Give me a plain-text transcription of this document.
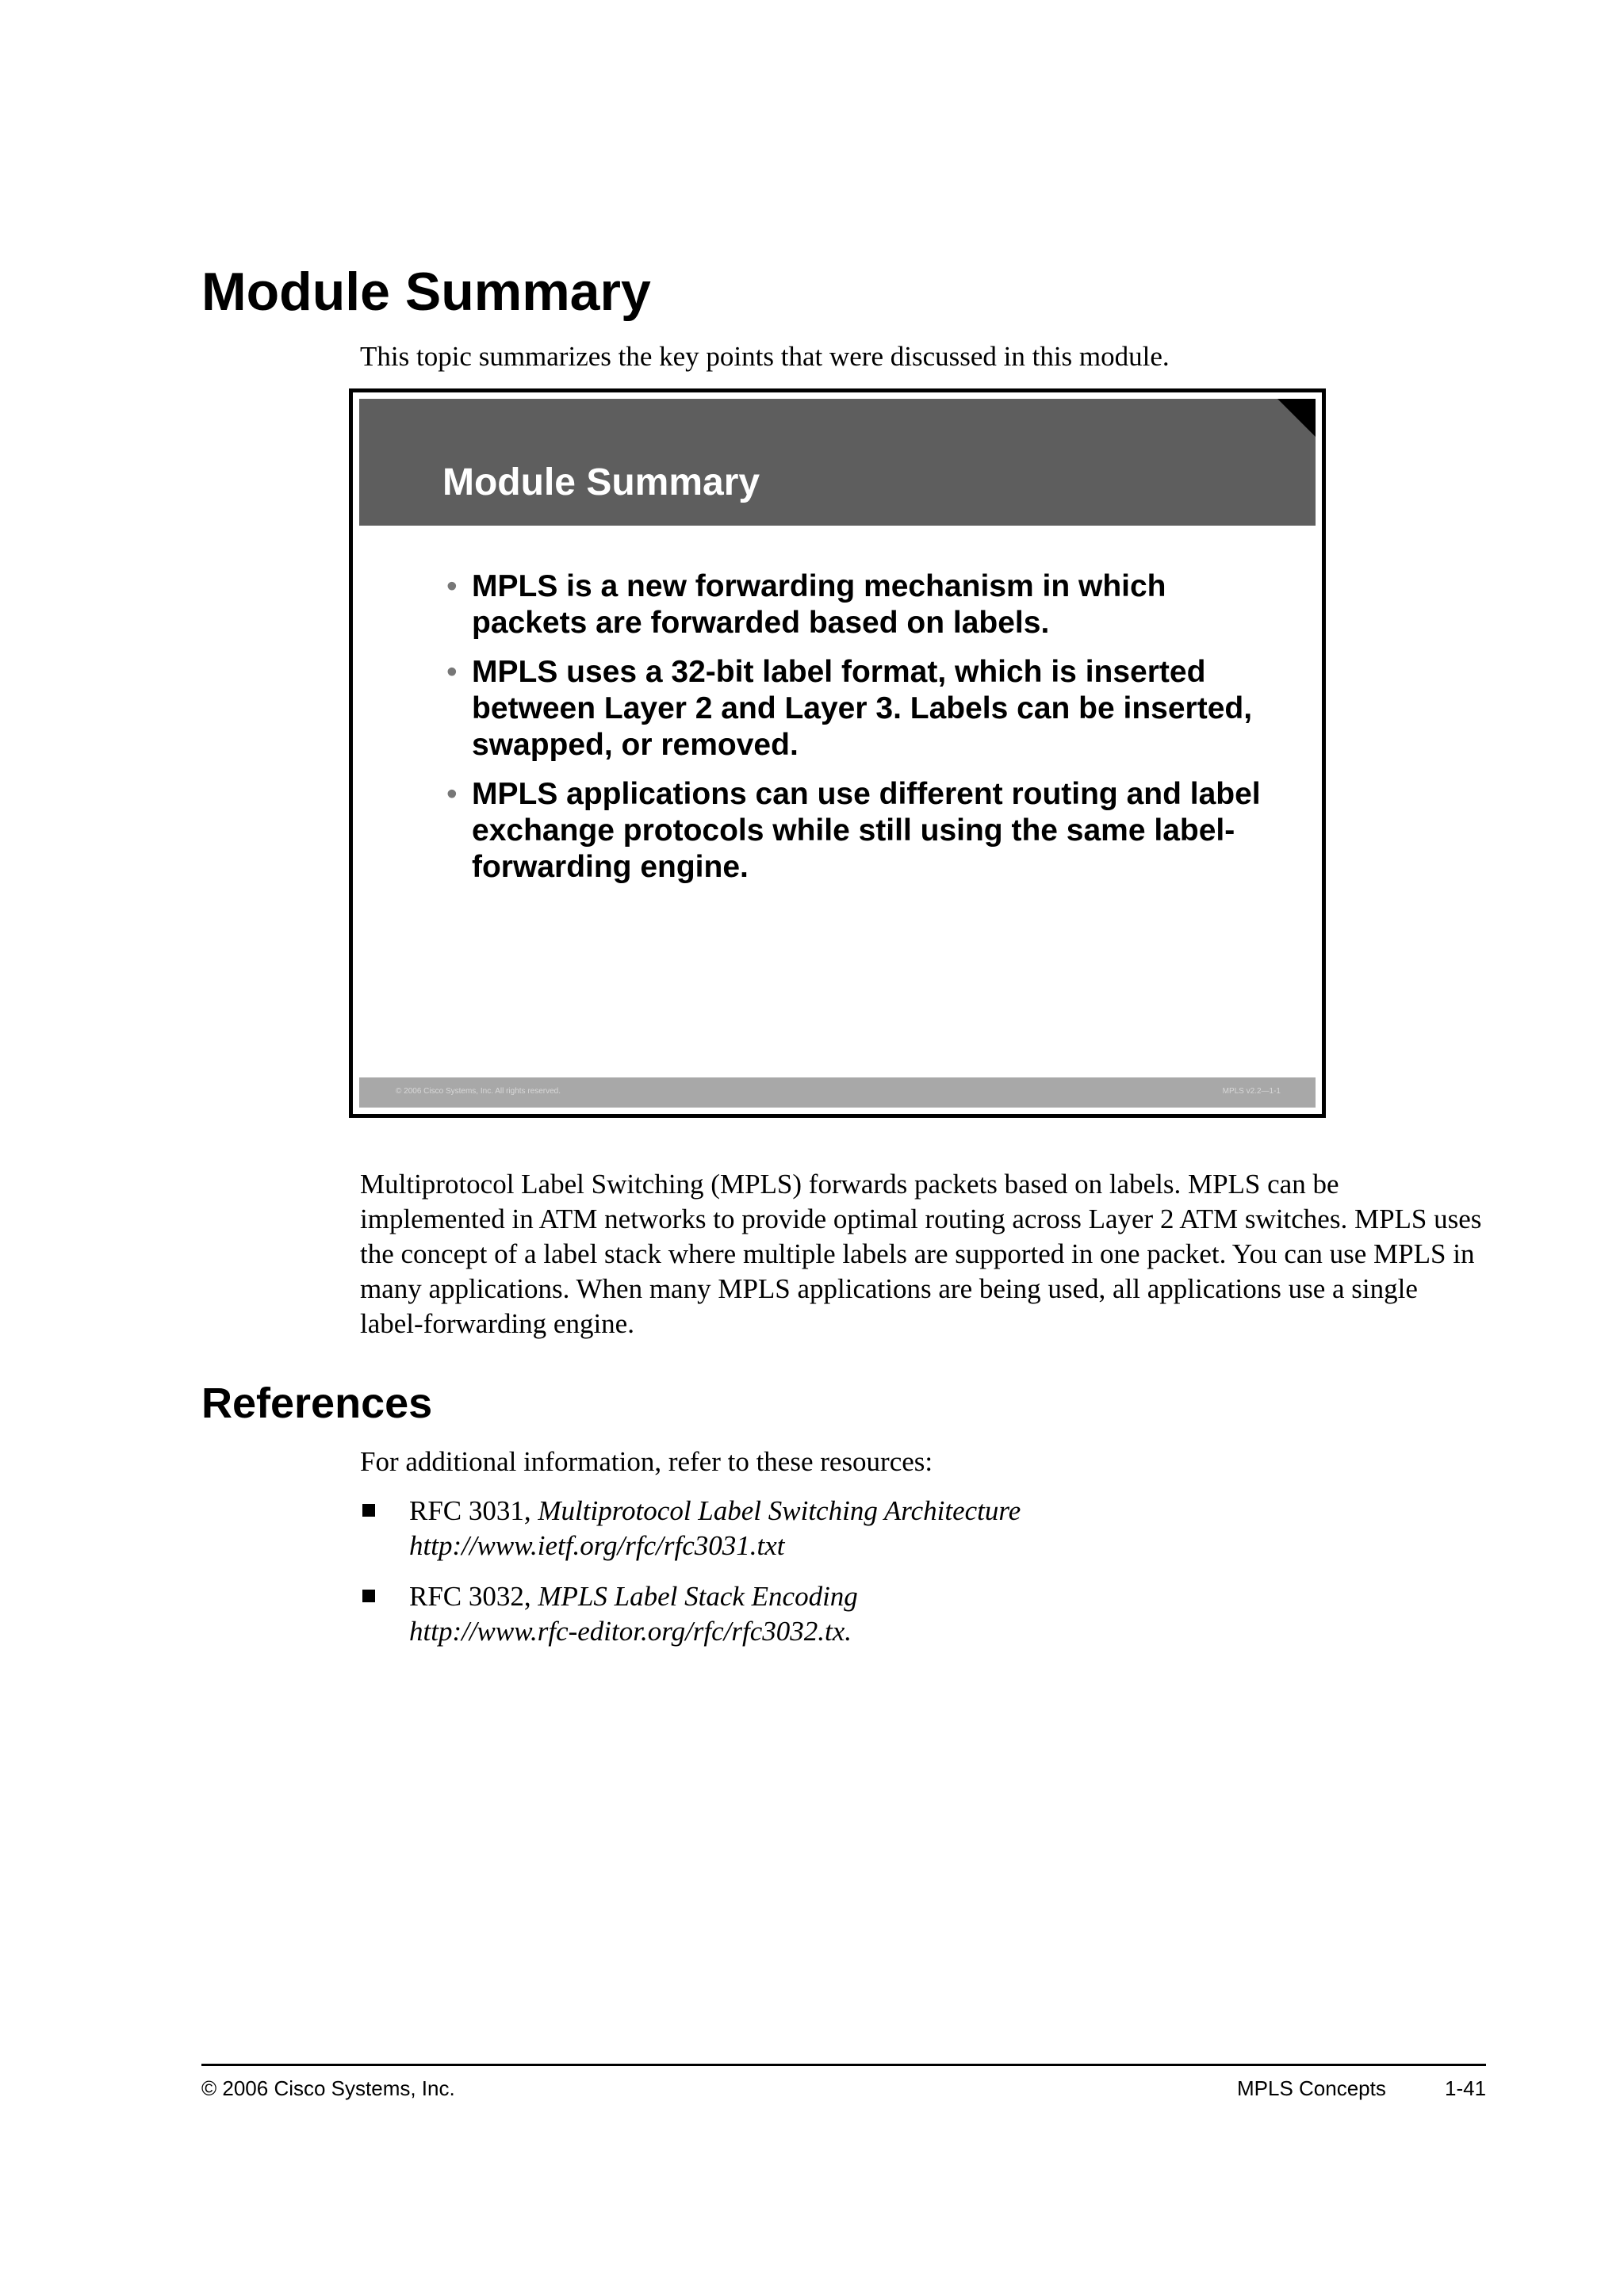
Module Summary
This topic summarizes the key points that were discussed in this module.
Module Summary
• MPLS is a new forwarding mechanism in which packets are forwarded based on labels.
• MPLS uses a 32-bit label format, which is inserted between Layer 2 and Layer 3. Labels can be inserted, swapped, or removed.
• MPLS applications can use different routing and label exchange protocols while still using the same label-forwarding engine.
© 2006 Cisco Systems, Inc. All rights reserved.	MPLS v2.2—1-1

Multiprotocol Label Switching (MPLS) forwards packets based on labels. MPLS can be implemented in ATM networks to provide optimal routing across Layer 2 ATM switches. MPLS uses the concept of a label stack where multiple labels are supported in one packet. You can use MPLS in many applications. When many MPLS applications are being used, all applications use a single label-forwarding engine.

References
For additional information, refer to these resources:
RFC 3031, Multiprotocol Label Switching Architecture
http://www.ietf.org/rfc/rfc3031.txt
RFC 3032, MPLS Label Stack Encoding
http://www.rfc-editor.org/rfc/rfc3032.tx.
© 2006 Cisco Systems, Inc.	MPLS Concepts	1-41
